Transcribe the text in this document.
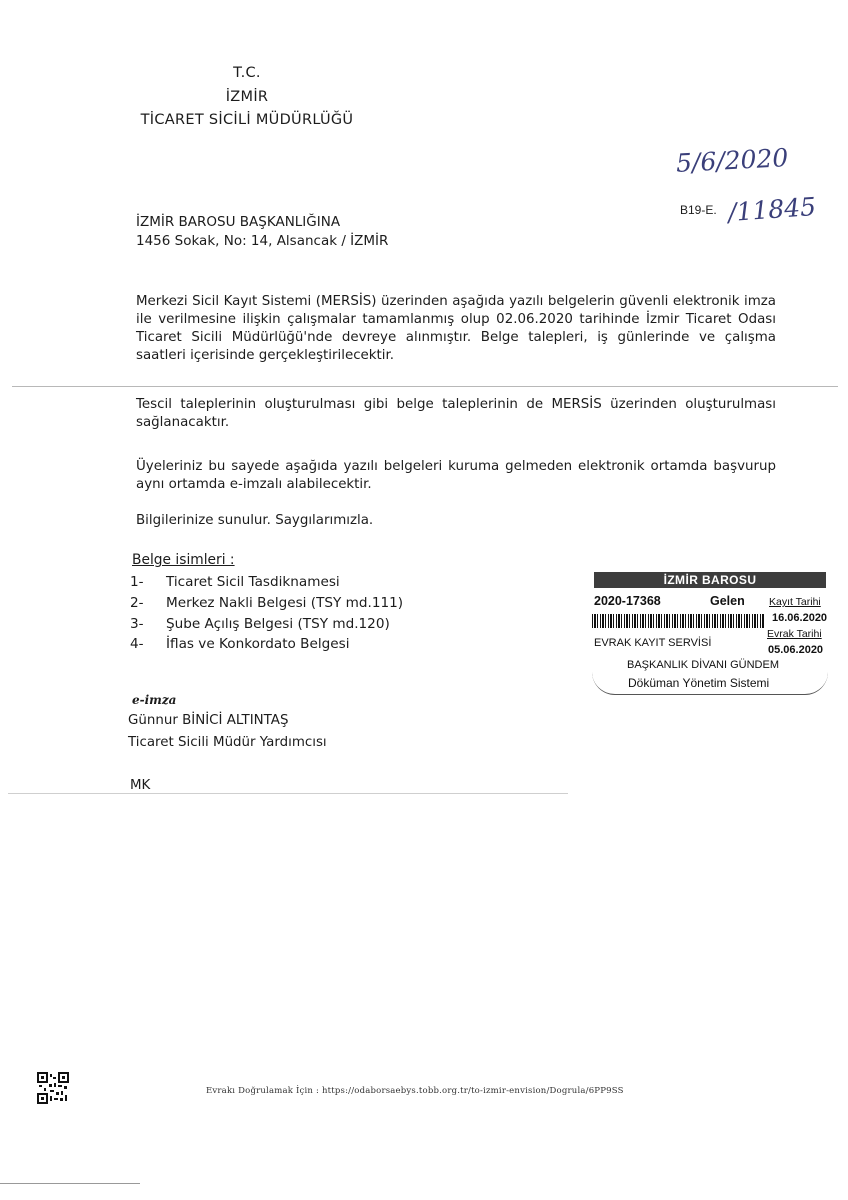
T.C.
İZMİR
TİCARET SİCİLİ MÜDÜRLÜĞÜ
5/6/2020
B19-E. /11845
İZMİR BAROSU BAŞKANLIĞINA
1456 Sokak, No: 14, Alsancak / İZMİR
Merkezi Sicil Kayıt Sistemi (MERSİS) üzerinden aşağıda yazılı belgelerin güvenli elektronik imza ile verilmesine ilişkin çalışmalar tamamlanmış olup 02.06.2020 tarihinde İzmir Ticaret Odası Ticaret Sicili Müdürlüğü'nde devreye alınmıştır. Belge talepleri, iş günlerinde ve çalışma saatleri içerisinde gerçekleştirilecektir.
Tescil taleplerinin oluşturulması gibi belge taleplerinin de MERSİS üzerinden oluşturulması sağlanacaktır.
Üyeleriniz bu sayede aşağıda yazılı belgeleri kuruma gelmeden elektronik ortamda başvurup aynı ortamda e-imzalı alabilecektir.
Bilgilerinize sunulur. Saygılarımızla.
Belge isimleri :
1- Ticaret Sicil Tasdiknamesi
2- Merkez Nakli Belgesi (TSY md.111)
3- Şube Açılış Belgesi (TSY md.120)
4- İflas ve Konkordato Belgesi
İZMİR BAROSU
2020-17368	Gelen Kayıt Tarihi
16.06.2020
Evrak Tarihi
EVRAK KAYIT SERVİSİ
05.06.2020
BAŞKANLIK DİVANI GÜNDEM
Döküman Yönetim Sistemi
e-imza
Günnur BİNİCİ ALTINTAŞ
Ticaret Sicili Müdür Yardımcısı
MK
Evrakı Doğrulamak İçin : https://odaborsaebys.tobb.org.tr/to-izmir-envision/Dogrula/6PP9SS
